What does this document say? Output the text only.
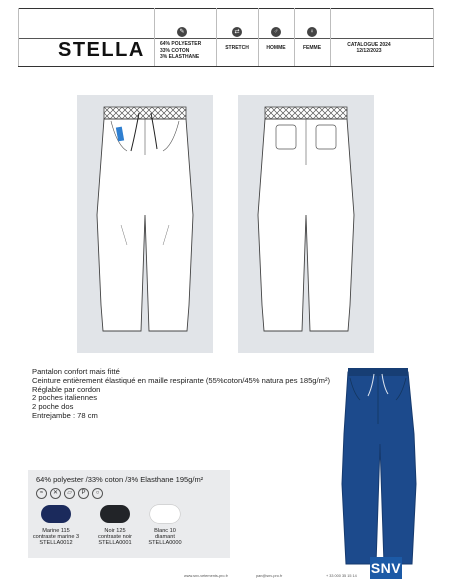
STELLA
✎
64% POLYESTER
33% COTON
3% ELASTHANE
⇄
STRETCH
♂
HOMME
♀
FEMME	CATALOGUE 2024
12/12/2023
Pantalon confort mais fitté
Ceinture entièrement élastiqué en maille respirante (55%coton/45% natura pes 185g/m²)
Réglable par cordon
2 poches italiennes
2 poche dos
Entrejambe : 78 cm
64% polyester /33% coton /3% Elasthane 195g/m²
≈	✕	▱	P	○
Marine 115
contraste marine 3
STELLA0012
Noir 125
contraste noir
STELLA0001
Blanc 10
diamant
STELLA0000
www.snv-vetements-pro.fr	pan@snv-pro.fr	+ 33 000 35 15 14 SNV
